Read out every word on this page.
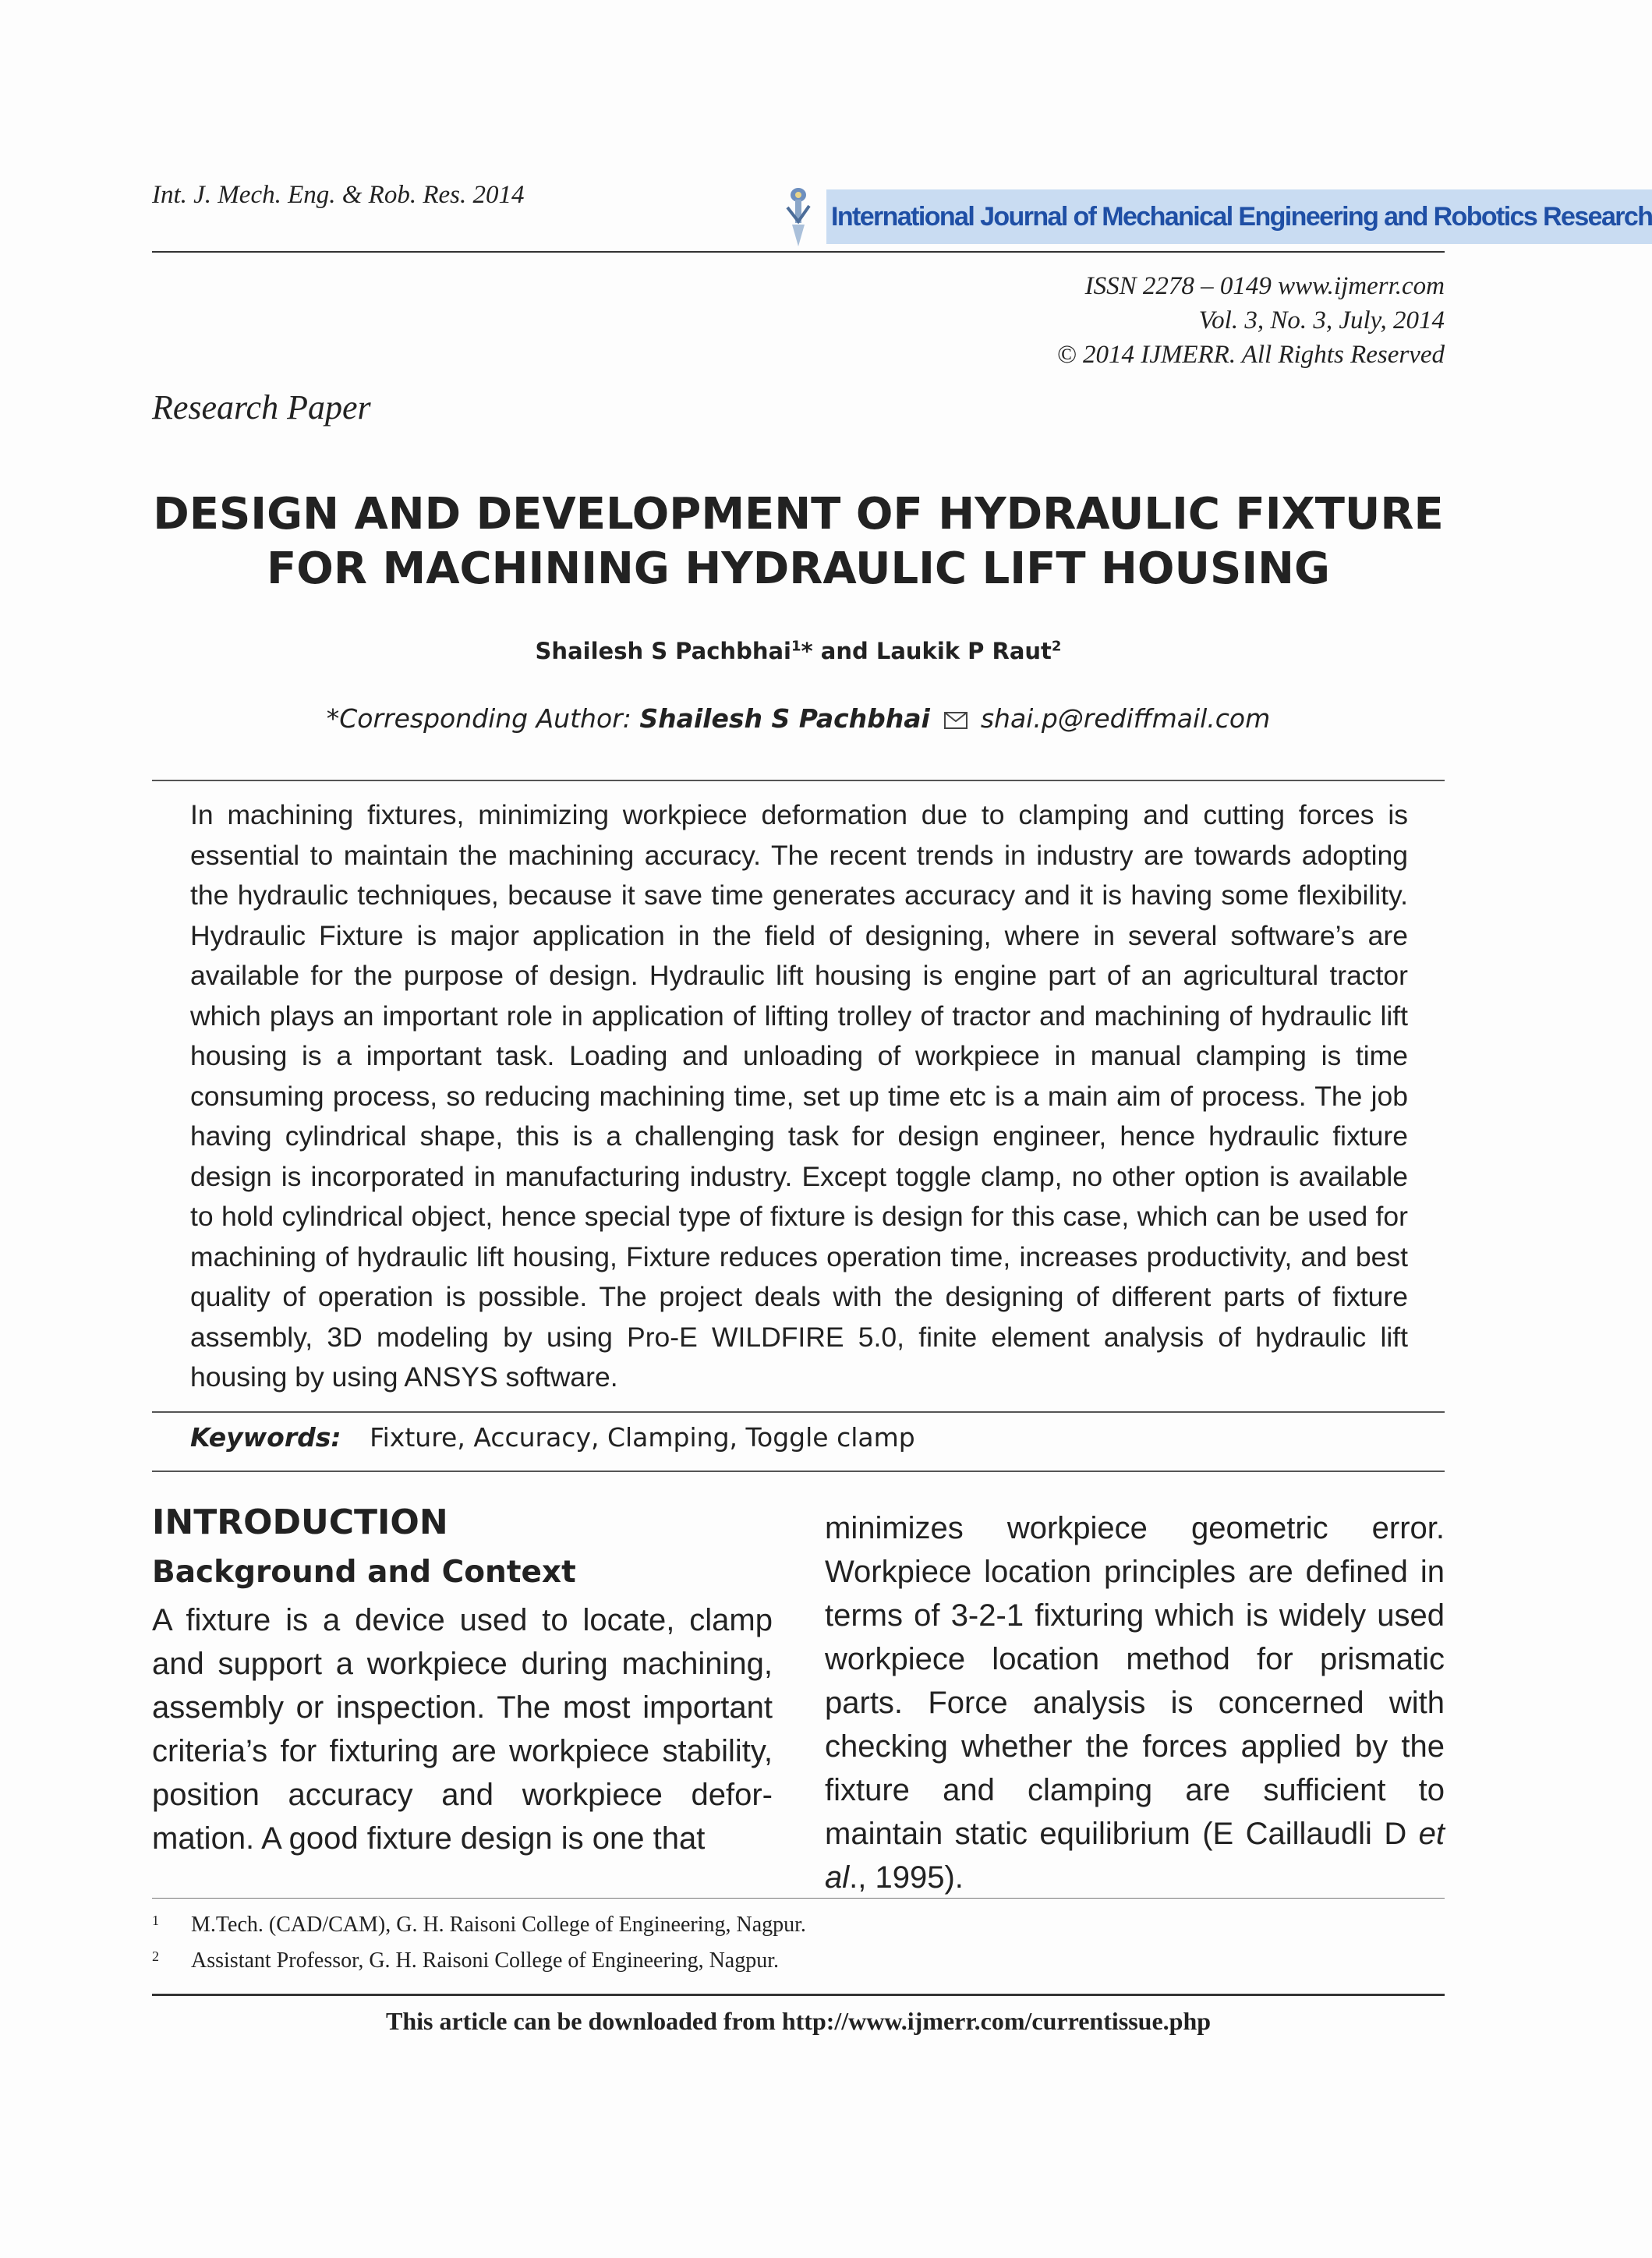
Int. J. Mech. Eng. & Rob. Res. 2014
International Journal of Mechanical Engineering and Robotics Research
ISSN 2278 – 0149 www.ijmerr.com
Vol. 3, No. 3, July, 2014
© 2014 IJMERR. All Rights Reserved
Research Paper
DESIGN AND DEVELOPMENT OF HYDRAULIC FIXTURE
FOR MACHINING HYDRAULIC LIFT HOUSING
Shailesh S Pachbhai$^1$* and Laukik P Raut$^2$
*Corresponding Author: Shailesh S Pachbhai shai.p@rediffmail.com
In machining fixtures, minimizing workpiece deformation due to clamping and cutting forces is essential to maintain the machining accuracy. The recent trends in industry are towards adopting the hydraulic techniques, because it save time generates accuracy and it is having some flexibility. Hydraulic Fixture is major application in the field of designing, where in several software’s are available for the purpose of design. Hydraulic lift housing is engine part of an agricultural tractor which plays an important role in application of lifting trolley of tractor and machining of hydraulic lift housing is a important task. Loading and unloading of workpiece in manual clamping is time consuming process, so reducing machining time, set up time etc is a main aim of process. The job having cylindrical shape, this is a challenging task for design engineer, hence hydraulic fixture design is incorporated in manufacturing industry. Except toggle clamp, no other option is available to hold cylindrical object, hence special type of fixture is design for this case, which can be used for machining of hydraulic lift housing, Fixture reduces operation time, increases productivity, and best quality of operation is possible. The project deals with the designing of different parts of fixture assembly, 3D modeling by using Pro-E WILDFIRE 5.0, finite element analysis of hydraulic lift housing by using ANSYS software.
Keywords: Fixture, Accuracy, Clamping, Toggle clamp
INTRODUCTION
Background and Context
A fixture is a device used to locate, clamp and support a workpiece during machining, assembly or inspection. The most important criteria’s for fixturing are workpiece stability, position accuracy and workpiece defor-mation. A good fixture design is one that
minimizes workpiece geometric error. Workpiece location principles are defined in terms of 3-2-1 fixturing which is widely used workpiece location method for prismatic parts. Force analysis is concerned with checking whether the forces applied by the fixture and clamping are sufficient to maintain static equilibrium (E Caillaudli D et al., 1995).
1 M.Tech. (CAD/CAM), G. H. Raisoni College of Engineering, Nagpur.
2 Assistant Professor, G. H. Raisoni College of Engineering, Nagpur.
This article can be downloaded from http://www.ijmerr.com/currentissue.php
